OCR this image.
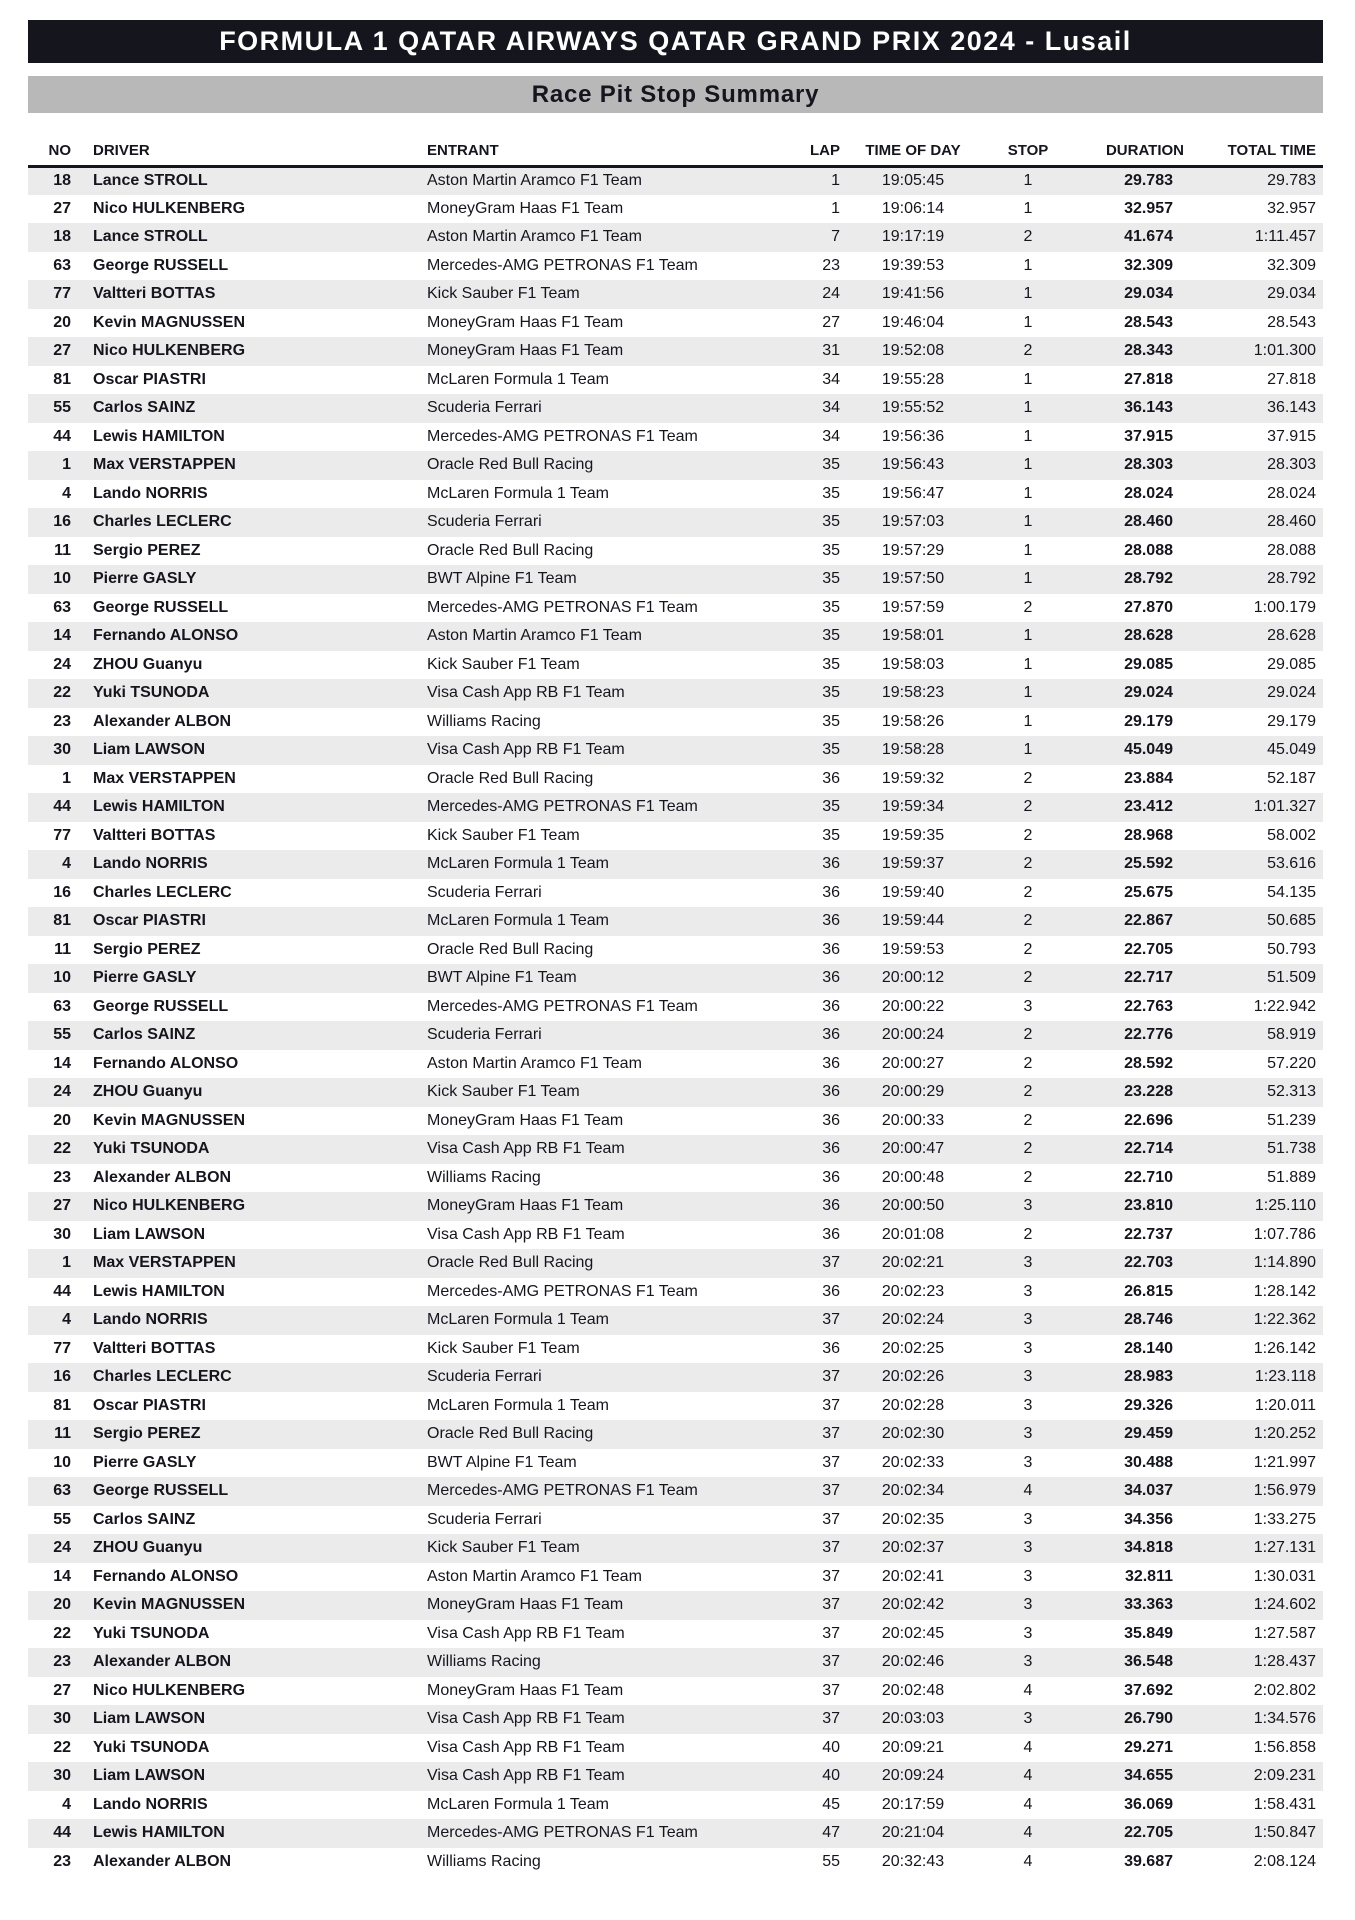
FORMULA 1 QATAR AIRWAYS QATAR GRAND PRIX 2024 - Lusail
Race Pit Stop Summary
NO	DRIVER	ENTRANT	LAP	TIME OF DAY	STOP	DURATION	TOTAL TIME
18	Lance STROLL	Aston Martin Aramco F1 Team	1	19:05:45	1	29.783	29.783
27	Nico HULKENBERG	MoneyGram Haas F1 Team	1	19:06:14	1	32.957	32.957
18	Lance STROLL	Aston Martin Aramco F1 Team	7	19:17:19	2	41.674	1:11.457
63	George RUSSELL	Mercedes-AMG PETRONAS F1 Team	23	19:39:53	1	32.309	32.309
77	Valtteri BOTTAS	Kick Sauber F1 Team	24	19:41:56	1	29.034	29.034
20	Kevin MAGNUSSEN	MoneyGram Haas F1 Team	27	19:46:04	1	28.543	28.543
27	Nico HULKENBERG	MoneyGram Haas F1 Team	31	19:52:08	2	28.343	1:01.300
81	Oscar PIASTRI	McLaren Formula 1 Team	34	19:55:28	1	27.818	27.818
55	Carlos SAINZ	Scuderia Ferrari	34	19:55:52	1	36.143	36.143
44	Lewis HAMILTON	Mercedes-AMG PETRONAS F1 Team	34	19:56:36	1	37.915	37.915
1	Max VERSTAPPEN	Oracle Red Bull Racing	35	19:56:43	1	28.303	28.303
4	Lando NORRIS	McLaren Formula 1 Team	35	19:56:47	1	28.024	28.024
16	Charles LECLERC	Scuderia Ferrari	35	19:57:03	1	28.460	28.460
11	Sergio PEREZ	Oracle Red Bull Racing	35	19:57:29	1	28.088	28.088
10	Pierre GASLY	BWT Alpine F1 Team	35	19:57:50	1	28.792	28.792
63	George RUSSELL	Mercedes-AMG PETRONAS F1 Team	35	19:57:59	2	27.870	1:00.179
14	Fernando ALONSO	Aston Martin Aramco F1 Team	35	19:58:01	1	28.628	28.628
24	ZHOU Guanyu	Kick Sauber F1 Team	35	19:58:03	1	29.085	29.085
22	Yuki TSUNODA	Visa Cash App RB F1 Team	35	19:58:23	1	29.024	29.024
23	Alexander ALBON	Williams Racing	35	19:58:26	1	29.179	29.179
30	Liam LAWSON	Visa Cash App RB F1 Team	35	19:58:28	1	45.049	45.049
1	Max VERSTAPPEN	Oracle Red Bull Racing	36	19:59:32	2	23.884	52.187
44	Lewis HAMILTON	Mercedes-AMG PETRONAS F1 Team	35	19:59:34	2	23.412	1:01.327
77	Valtteri BOTTAS	Kick Sauber F1 Team	35	19:59:35	2	28.968	58.002
4	Lando NORRIS	McLaren Formula 1 Team	36	19:59:37	2	25.592	53.616
16	Charles LECLERC	Scuderia Ferrari	36	19:59:40	2	25.675	54.135
81	Oscar PIASTRI	McLaren Formula 1 Team	36	19:59:44	2	22.867	50.685
11	Sergio PEREZ	Oracle Red Bull Racing	36	19:59:53	2	22.705	50.793
10	Pierre GASLY	BWT Alpine F1 Team	36	20:00:12	2	22.717	51.509
63	George RUSSELL	Mercedes-AMG PETRONAS F1 Team	36	20:00:22	3	22.763	1:22.942
55	Carlos SAINZ	Scuderia Ferrari	36	20:00:24	2	22.776	58.919
14	Fernando ALONSO	Aston Martin Aramco F1 Team	36	20:00:27	2	28.592	57.220
24	ZHOU Guanyu	Kick Sauber F1 Team	36	20:00:29	2	23.228	52.313
20	Kevin MAGNUSSEN	MoneyGram Haas F1 Team	36	20:00:33	2	22.696	51.239
22	Yuki TSUNODA	Visa Cash App RB F1 Team	36	20:00:47	2	22.714	51.738
23	Alexander ALBON	Williams Racing	36	20:00:48	2	22.710	51.889
27	Nico HULKENBERG	MoneyGram Haas F1 Team	36	20:00:50	3	23.810	1:25.110
30	Liam LAWSON	Visa Cash App RB F1 Team	36	20:01:08	2	22.737	1:07.786
1	Max VERSTAPPEN	Oracle Red Bull Racing	37	20:02:21	3	22.703	1:14.890
44	Lewis HAMILTON	Mercedes-AMG PETRONAS F1 Team	36	20:02:23	3	26.815	1:28.142
4	Lando NORRIS	McLaren Formula 1 Team	37	20:02:24	3	28.746	1:22.362
77	Valtteri BOTTAS	Kick Sauber F1 Team	36	20:02:25	3	28.140	1:26.142
16	Charles LECLERC	Scuderia Ferrari	37	20:02:26	3	28.983	1:23.118
81	Oscar PIASTRI	McLaren Formula 1 Team	37	20:02:28	3	29.326	1:20.011
11	Sergio PEREZ	Oracle Red Bull Racing	37	20:02:30	3	29.459	1:20.252
10	Pierre GASLY	BWT Alpine F1 Team	37	20:02:33	3	30.488	1:21.997
63	George RUSSELL	Mercedes-AMG PETRONAS F1 Team	37	20:02:34	4	34.037	1:56.979
55	Carlos SAINZ	Scuderia Ferrari	37	20:02:35	3	34.356	1:33.275
24	ZHOU Guanyu	Kick Sauber F1 Team	37	20:02:37	3	34.818	1:27.131
14	Fernando ALONSO	Aston Martin Aramco F1 Team	37	20:02:41	3	32.811	1:30.031
20	Kevin MAGNUSSEN	MoneyGram Haas F1 Team	37	20:02:42	3	33.363	1:24.602
22	Yuki TSUNODA	Visa Cash App RB F1 Team	37	20:02:45	3	35.849	1:27.587
23	Alexander ALBON	Williams Racing	37	20:02:46	3	36.548	1:28.437
27	Nico HULKENBERG	MoneyGram Haas F1 Team	37	20:02:48	4	37.692	2:02.802
30	Liam LAWSON	Visa Cash App RB F1 Team	37	20:03:03	3	26.790	1:34.576
22	Yuki TSUNODA	Visa Cash App RB F1 Team	40	20:09:21	4	29.271	1:56.858
30	Liam LAWSON	Visa Cash App RB F1 Team	40	20:09:24	4	34.655	2:09.231
4	Lando NORRIS	McLaren Formula 1 Team	45	20:17:59	4	36.069	1:58.431
44	Lewis HAMILTON	Mercedes-AMG PETRONAS F1 Team	47	20:21:04	4	22.705	1:50.847
23	Alexander ALBON	Williams Racing	55	20:32:43	4	39.687	2:08.124
